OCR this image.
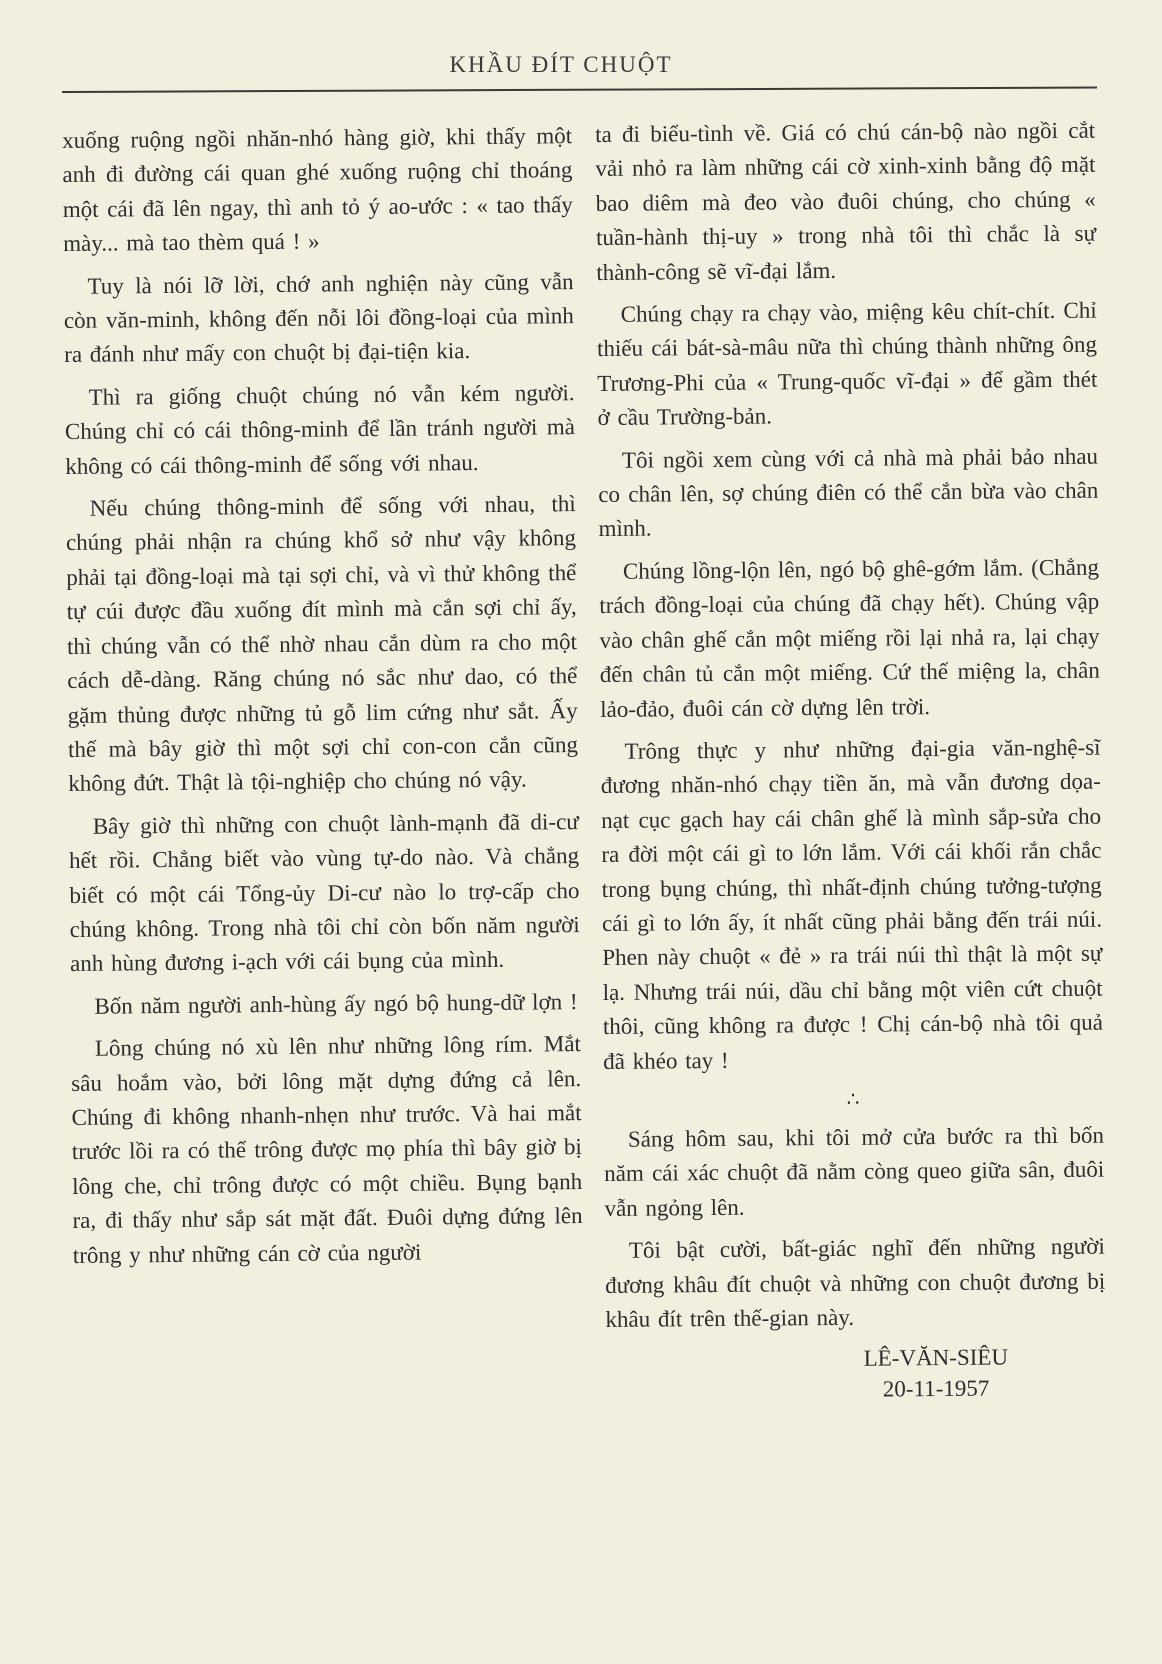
KHẦU ĐÍT CHUỘT

xuống ruộng ngồi nhăn-nhó hàng giờ, khi thấy một anh đi đường cái quan ghé xuống ruộng chỉ thoáng một cái đã lên ngay, thì anh tỏ ý ao-ước : « tao thấy mày... mà tao thèm quá ! »

Tuy là nói lỡ lời, chớ anh nghiện này cũng vẫn còn văn-minh, không đến nỗi lôi đồng-loại của mình ra đánh như mấy con chuột bị đại-tiện kia.

Thì ra giống chuột chúng nó vẫn kém người. Chúng chỉ có cái thông-minh để lần tránh người mà không có cái thông-minh để sống với nhau.

Nếu chúng thông-minh để sống với nhau, thì chúng phải nhận ra chúng khổ sở như vậy không phải tại đồng-loại mà tại sợi chỉ, và vì thử không thể tự cúi được đầu xuống đít mình mà cắn sợi chỉ ấy, thì chúng vẫn có thể nhờ nhau cắn dùm ra cho một cách dễ-dàng. Răng chúng nó sắc như dao, có thể gặm thủng được những tủ gỗ lim cứng như sắt. Ấy thế mà bây giờ thì một sợi chỉ con-con cắn cũng không đứt. Thật là tội-nghiệp cho chúng nó vậy.

Bây giờ thì những con chuột lành-mạnh đã di-cư hết rồi. Chẳng biết vào vùng tự-do nào. Và chẳng biết có một cái Tổng-ủy Di-cư nào lo trợ-cấp cho chúng không. Trong nhà tôi chỉ còn bốn năm người anh hùng đương i-ạch với cái bụng của mình.

Bốn năm người anh-hùng ấy ngó bộ hung-dữ lợn !

Lông chúng nó xù lên như những lông rím. Mắt sâu hoắm vào, bởi lông mặt dựng đứng cả lên. Chúng đi không nhanh-nhẹn như trước. Và hai mắt trước lồi ra có thể trông được mọ phía thì bây giờ bị lông che, chỉ trông được có một chiều. Bụng bạnh ra, đi thấy như sắp sát mặt đất. Đuôi dựng đứng lên trông y như những cán cờ của người

ta đi biểu-tình về. Giá có chú cán-bộ nào ngồi cắt vải nhỏ ra làm những cái cờ xinh-xinh bằng độ mặt bao diêm mà đeo vào đuôi chúng, cho chúng « tuần-hành thị-uy » trong nhà tôi thì chắc là sự thành-công sẽ vĩ-đại lắm.

Chúng chạy ra chạy vào, miệng kêu chít-chít. Chỉ thiếu cái bát-sà-mâu nữa thì chúng thành những ông Trương-Phi của « Trung-quốc vĩ-đại » để gầm thét ở cầu Trường-bản.

Tôi ngồi xem cùng với cả nhà mà phải bảo nhau co chân lên, sợ chúng điên có thể cắn bừa vào chân mình.

Chúng lồng-lộn lên, ngó bộ ghê-gớm lắm. (Chẳng trách đồng-loại của chúng đã chạy hết). Chúng vập vào chân ghế cắn một miếng rồi lại nhả ra, lại chạy đến chân tủ cắn một miếng. Cứ thế miệng la, chân lảo-đảo, đuôi cán cờ dựng lên trời.

Trông thực y như những đại-gia văn-nghệ-sĩ đương nhăn-nhó chạy tiền ăn, mà vẫn đương dọa-nạt cục gạch hay cái chân ghế là mình sắp-sửa cho ra đời một cái gì to lớn lắm. Với cái khối rắn chắc trong bụng chúng, thì nhất-định chúng tưởng-tượng cái gì to lớn ấy, ít nhất cũng phải bằng đến trái núi. Phen này chuột « đẻ » ra trái núi thì thật là một sự lạ. Nhưng trái núi, dầu chỉ bằng một viên cứt chuột thôi, cũng không ra được ! Chị cán-bộ nhà tôi quả đã khéo tay !

∴

Sáng hôm sau, khi tôi mở cửa bước ra thì bốn năm cái xác chuột đã nằm còng queo giữa sân, đuôi vẫn ngỏng lên.

Tôi bật cười, bất-giác nghĩ đến những người đương khâu đít chuột và những con chuột đương bị khâu đít trên thế-gian này.

LÊ-VĂN-SIÊU
20-11-1957
